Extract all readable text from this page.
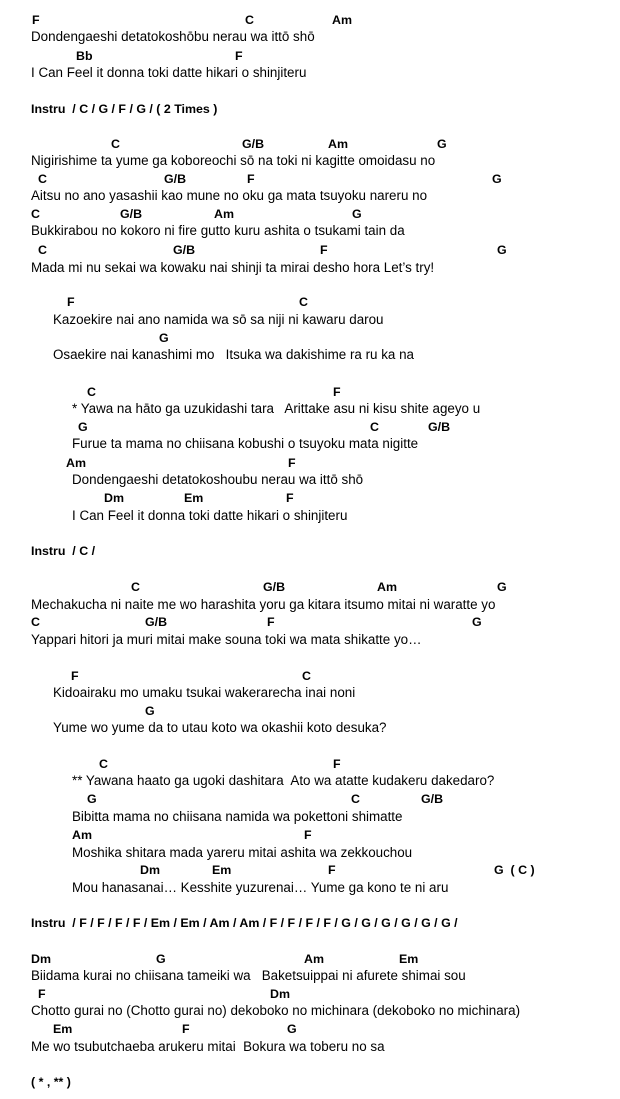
F	C	Am
Dondengaeshi detatokoshōbu nerau wa ittō shō
Bb	F
I Can Feel it donna toki datte hikari o shinjiteru
Instru  / C / G / F / G / ( 2 Times )
C	G/B	Am	G
Nigirishime ta yume ga koboreochi sō na toki ni kagitte omoidasu no
C	G/B	F	G
Aitsu no ano yasashii kao mune no oku ga mata tsuyoku nareru no
C	G/B	Am	G
Bukkirabou no kokoro ni fire gutto kuru ashita o tsukami tain da
C	G/B	F	G
Mada mi nu sekai wa kowaku nai shinji ta mirai desho hora Let’s try!
F	C
Kazoekire nai ano namida wa sō sa niji ni kawaru darou
G
Osaekire nai kanashimi mo   Itsuka wa dakishime ra ru ka na
C	F
* Yawa na hāto ga uzukidashi tara   Arittake asu ni kisu shite ageyo u
G	C	G/B
Furue ta mama no chiisana kobushi o tsuyoku mata nigitte
Am	F
Dondengaeshi detatokoshoubu nerau wa ittō shō
Dm	Em	F
I Can Feel it donna toki datte hikari o shinjiteru
Instru  / C /
C	G/B	Am	G
Mechakucha ni naite me wo harashita yoru ga kitara itsumo mitai ni waratte yo
C	G/B	F	G
Yappari hitori ja muri mitai make souna toki wa mata shikatte yo…
F	C
Kidoairaku mo umaku tsukai wakerarecha inai noni
G
Yume wo yume da to utau koto wa okashii koto desuka?
C	F
** Yawana haato ga ugoki dashitara  Ato wa atatte kudakeru dakedaro?
G	C	G/B
Bibitta mama no chiisana namida wa pokettoni shimatte
Am	F
Moshika shitara mada yareru mitai ashita wa zekkouchou
Dm	Em	F	G  ( C )
Mou hanasanai… Kesshite yuzurenai… Yume ga kono te ni aru
Instru  / F / F / F / F / Em / Em / Am / Am / F / F / F / F / G / G / G / G / G / G /
Dm	G	Am	Em
Biidama kurai no chiisana tameiki wa   Baketsuippai ni afurete shimai sou
F	Dm
Chotto gurai no (Chotto gurai no) dekoboko no michinara (dekoboko no michinara)
Em	F	G
Me wo tsubutchaeba arukeru mitai  Bokura wa toberu no sa
( * , ** )
